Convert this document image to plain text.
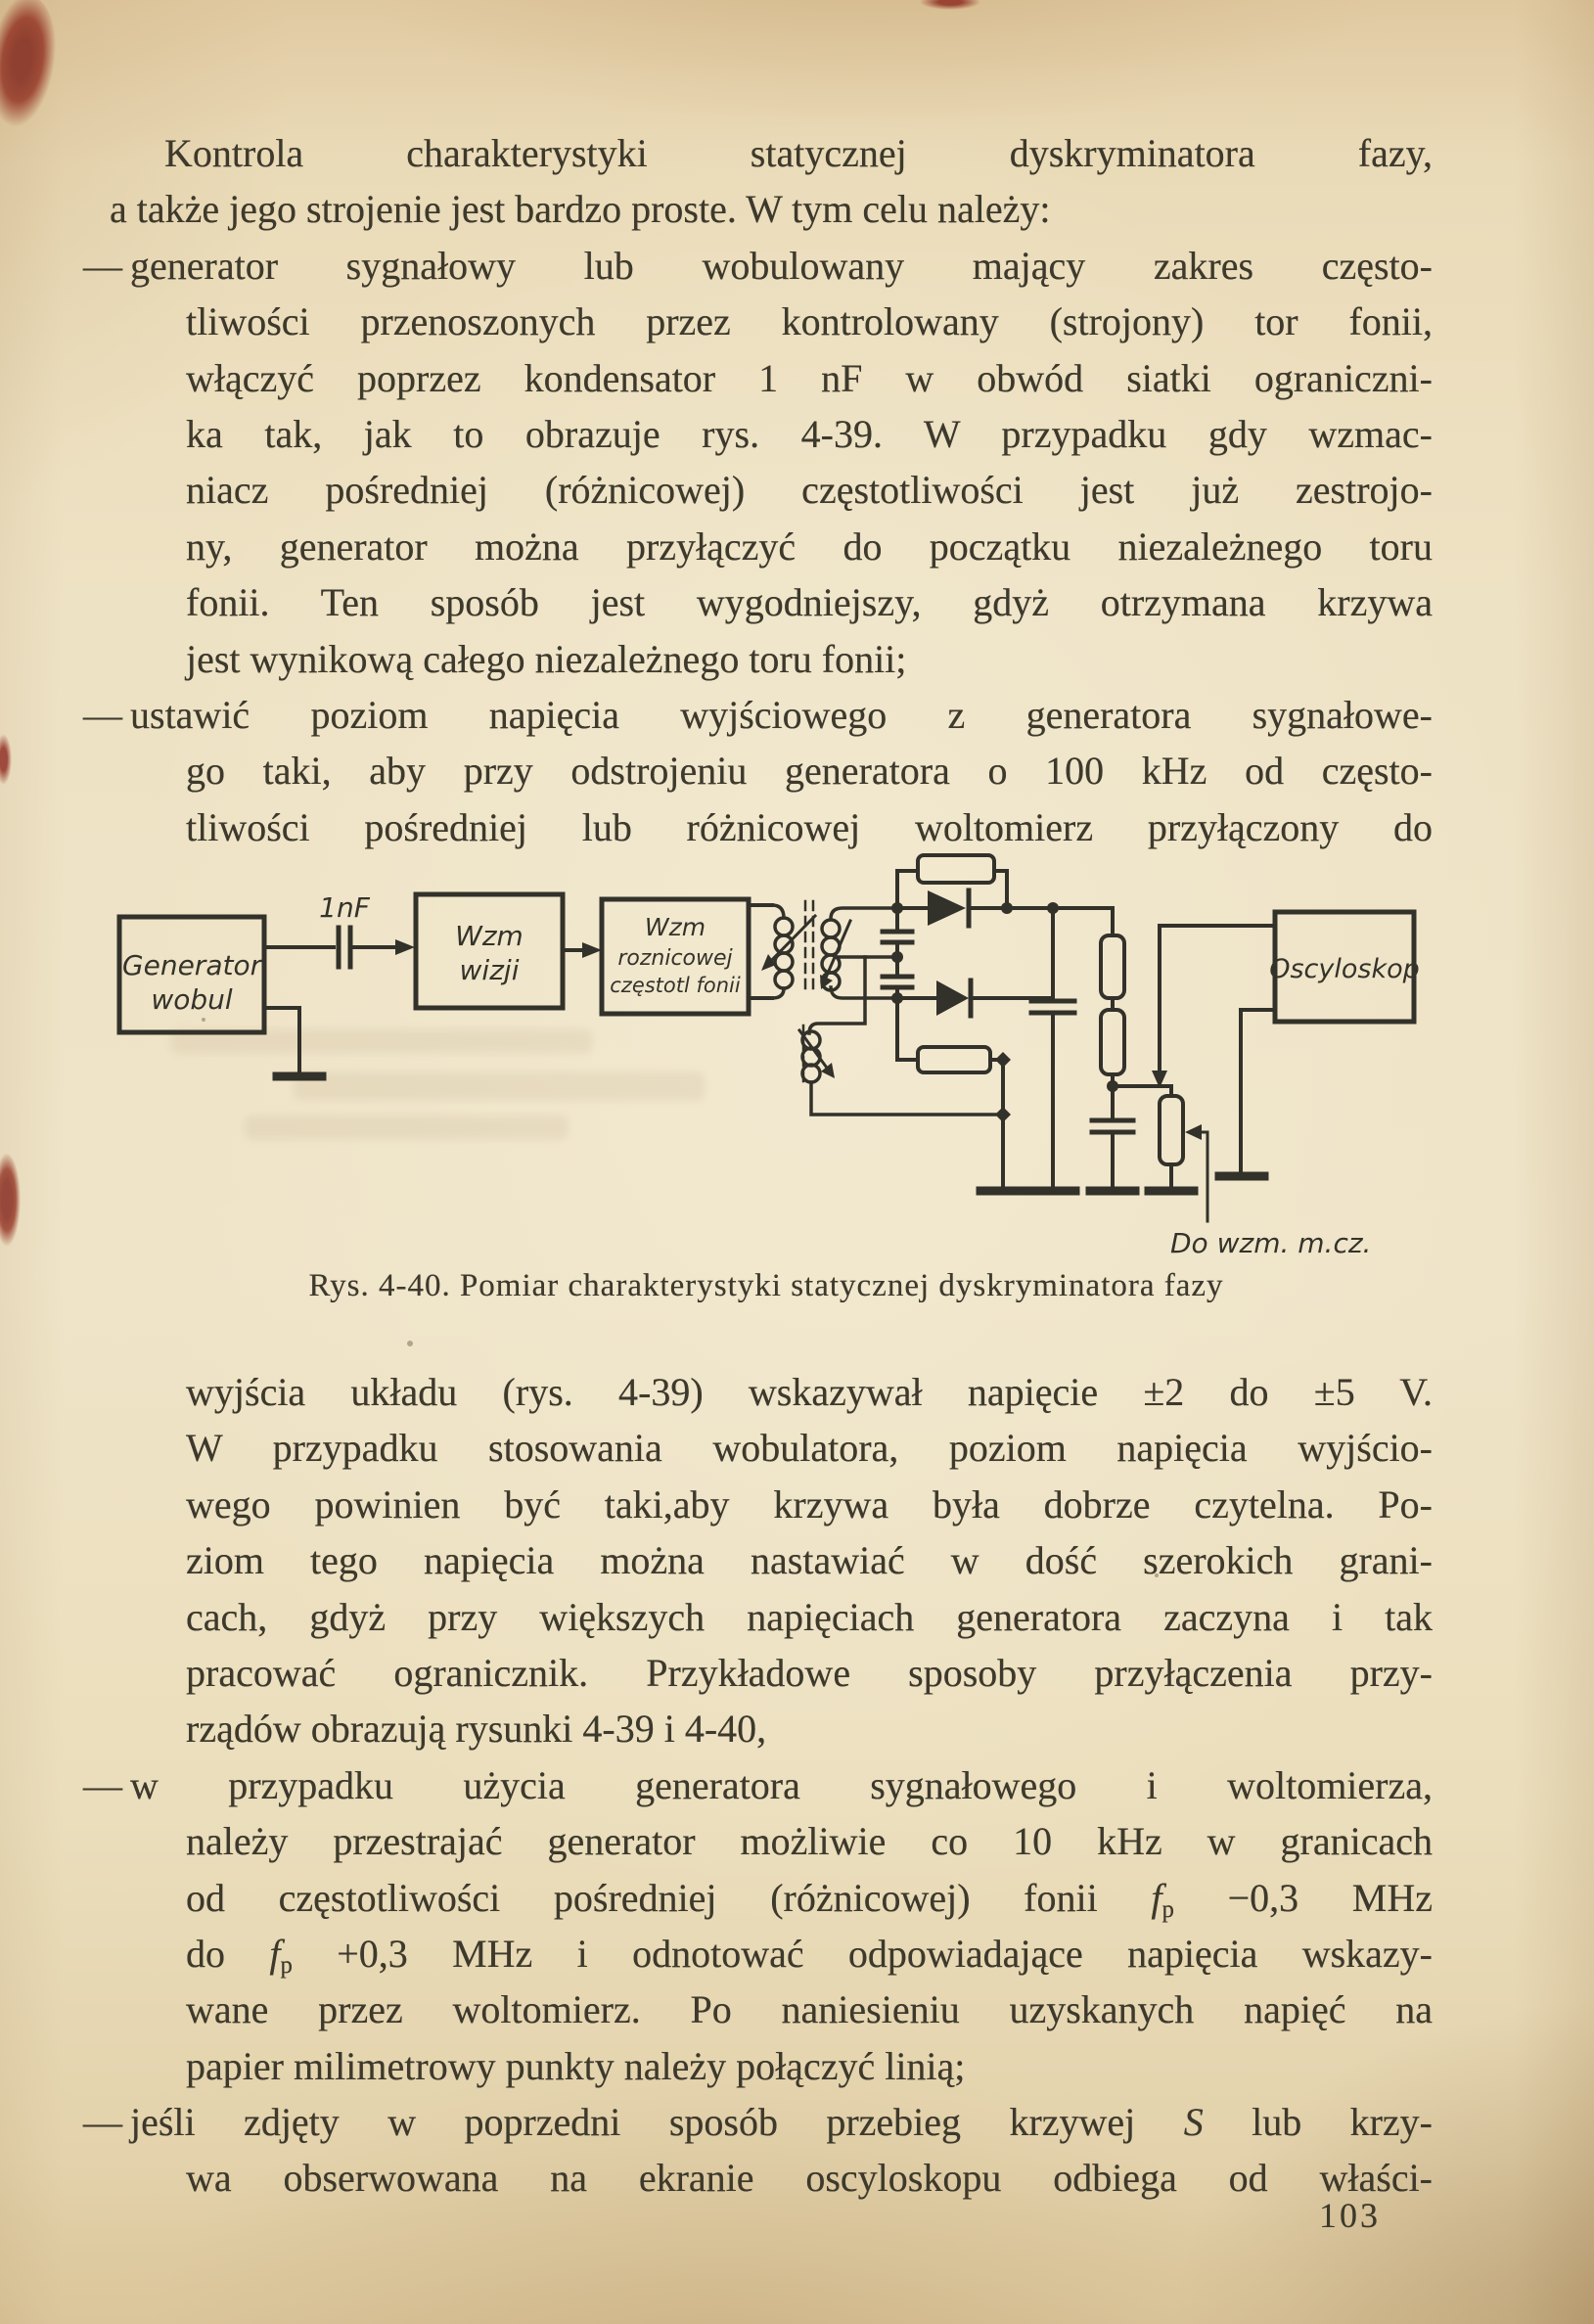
Kontrola charakterystyki statycznej dyskryminatora fazy,
a także jego strojenie jest bardzo proste. W tym celu należy:
— generator sygnałowy lub wobulowany mający zakres często-
tliwości przenoszonych przez kontrolowany (strojony) tor fonii,
włączyć poprzez kondensator 1 nF w obwód siatki ograniczni-
ka tak, jak to obrazuje rys. 4-39. W przypadku gdy wzmac-
niacz pośredniej (różnicowej) częstotliwości jest już zestrojo-
ny, generator można przyłączyć do początku niezależnego toru
fonii. Ten sposób jest wygodniejszy, gdyż otrzymana krzywa
jest wynikową całego niezależnego toru fonii;
— ustawić poziom napięcia wyjściowego z generatora sygnałowe-
go taki, aby przy odstrojeniu generatora o 100 kHz od często-
tliwości pośredniej lub różnicowej woltomierz przyłączony do
Generator
wobul
1nF
Wzm
wizji
Wzm
roznicowej
częstotl fonii
Oscyloskop
Do wzm. m.cz.
Rys. 4-40. Pomiar charakterystyki statycznej dyskryminatora fazy
wyjścia układu (rys. 4-39) wskazywał napięcie ±2 do ±5 V.
W przypadku stosowania wobulatora, poziom napięcia wyjścio-
wego powinien być taki,aby krzywa była dobrze czytelna. Po-
ziom tego napięcia można nastawiać w dość szerokich grani-
cach, gdyż przy większych napięciach generatora zaczyna i tak
pracować ogranicznik. Przykładowe sposoby przyłączenia przy-
rządów obrazują rysunki 4-39 i 4-40,
— w przypadku użycia generatora sygnałowego i woltomierza,
należy przestrajać generator możliwie co 10 kHz w granicach
od częstotliwości pośredniej (różnicowej) fonii $f_p -0,3$ MHz
do $f_p +0,3$ MHz i odnotować odpowiadające napięcia wskazy-
wane przez woltomierz. Po naniesieniu uzyskanych napięć na
papier milimetrowy punkty należy połączyć linią;
— jeśli zdjęty w poprzedni sposób przebieg krzywej S lub krzy-
wa obserwowana na ekranie oscyloskopu odbiega od właści-
103
